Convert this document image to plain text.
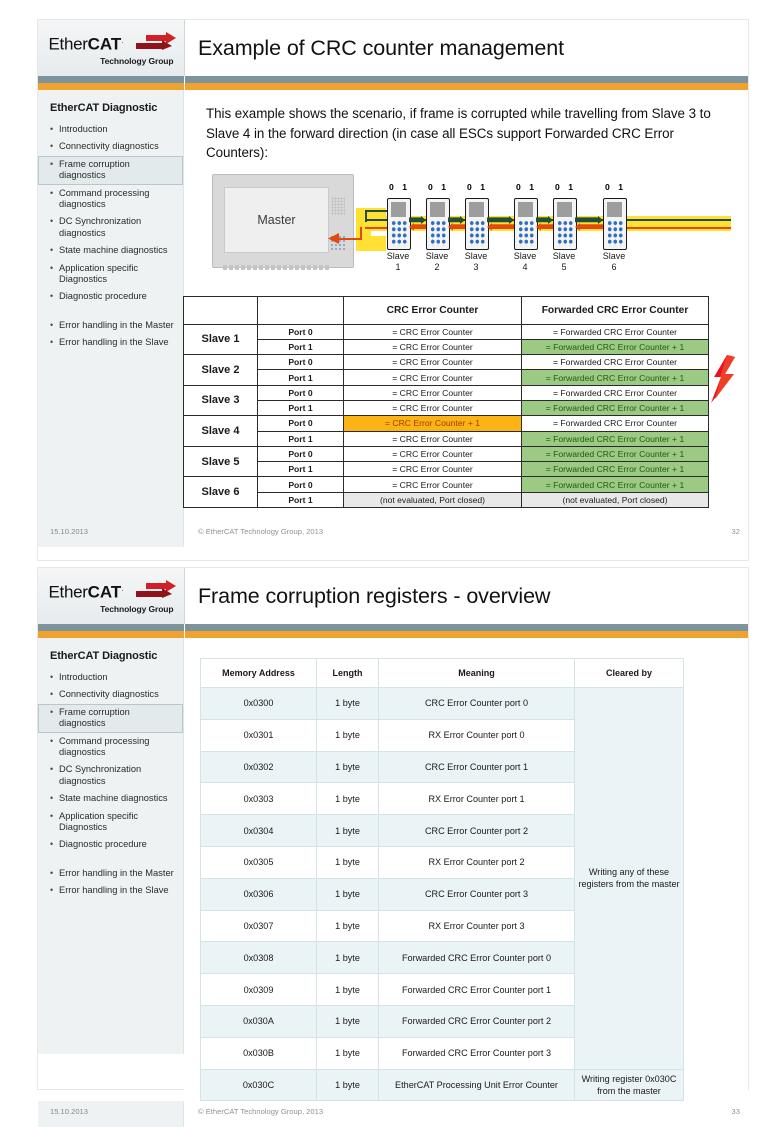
EtherCAT.
Technology Group
Example of CRC counter management
EtherCAT Diagnostic
• Introduction
• Connectivity diagnostics
• Frame corruption diagnostics
• Command processing diagnostics
• DC Synchronization diagnostics
• State machine diagnostics
• Application specific Diagnostics
• Diagnostic procedure
• Error handling in the Master
• Error handling in the Slave
This example shows the scenario, if frame is corrupted while travelling from Slave 3 to Slave 4 in the forward direction (in case all ESCs support Forwarded CRC Error Counters):
Master
0 1
Slave
1
0 1
Slave
2
0 1
Slave
3
0 1
Slave
4
0 1
Slave
5
0 1
Slave
6
		CRC Error Counter	Forwarded CRC Error Counter
Slave 1	Port 0	= CRC Error Counter	= Forwarded CRC Error Counter
	Port 1	= CRC Error Counter	= Forwarded CRC Error Counter + 1
Slave 2	Port 0	= CRC Error Counter	= Forwarded CRC Error Counter
	Port 1	= CRC Error Counter	= Forwarded CRC Error Counter + 1
Slave 3	Port 0	= CRC Error Counter	= Forwarded CRC Error Counter
	Port 1	= CRC Error Counter	= Forwarded CRC Error Counter + 1
Slave 4	Port 0	= CRC Error Counter + 1	= Forwarded CRC Error Counter
	Port 1	= CRC Error Counter	= Forwarded CRC Error Counter + 1
Slave 5	Port 0	= CRC Error Counter	= Forwarded CRC Error Counter + 1
	Port 1	= CRC Error Counter	= Forwarded CRC Error Counter + 1
Slave 6	Port 0	= CRC Error Counter	= Forwarded CRC Error Counter + 1
	Port 1	(not evaluated, Port closed)	(not evaluated, Port closed)
15.10.2013	© EtherCAT Technology Group, 2013	32
EtherCAT.
Technology Group
Frame corruption registers - overview
EtherCAT Diagnostic
• Introduction
• Connectivity diagnostics
• Frame corruption diagnostics
• Command processing diagnostics
• DC Synchronization diagnostics
• State machine diagnostics
• Application specific Diagnostics
• Diagnostic procedure
• Error handling in the Master
• Error handling in the Slave
Memory Address	Length	Meaning	Cleared by
0x0300	1 byte	CRC Error Counter port 0	Writing any of these registers from the master
0x0301	1 byte	RX Error Counter port 0	
0x0302	1 byte	CRC Error Counter port 1	
0x0303	1 byte	RX Error Counter port 1	
0x0304	1 byte	CRC Error Counter port 2	
0x0305	1 byte	RX Error Counter port 2	
0x0306	1 byte	CRC Error Counter port 3	
0x0307	1 byte	RX Error Counter port 3	
0x0308	1 byte	Forwarded CRC Error Counter port 0	
0x0309	1 byte	Forwarded CRC Error Counter port 1	
0x030A	1 byte	Forwarded CRC Error Counter port 2	
0x030B	1 byte	Forwarded CRC Error Counter port 3	
0x030C	1 byte	EtherCAT Processing Unit Error Counter	Writing register 0x030C from the master
15.10.2013	© EtherCAT Technology Group, 2013	33
